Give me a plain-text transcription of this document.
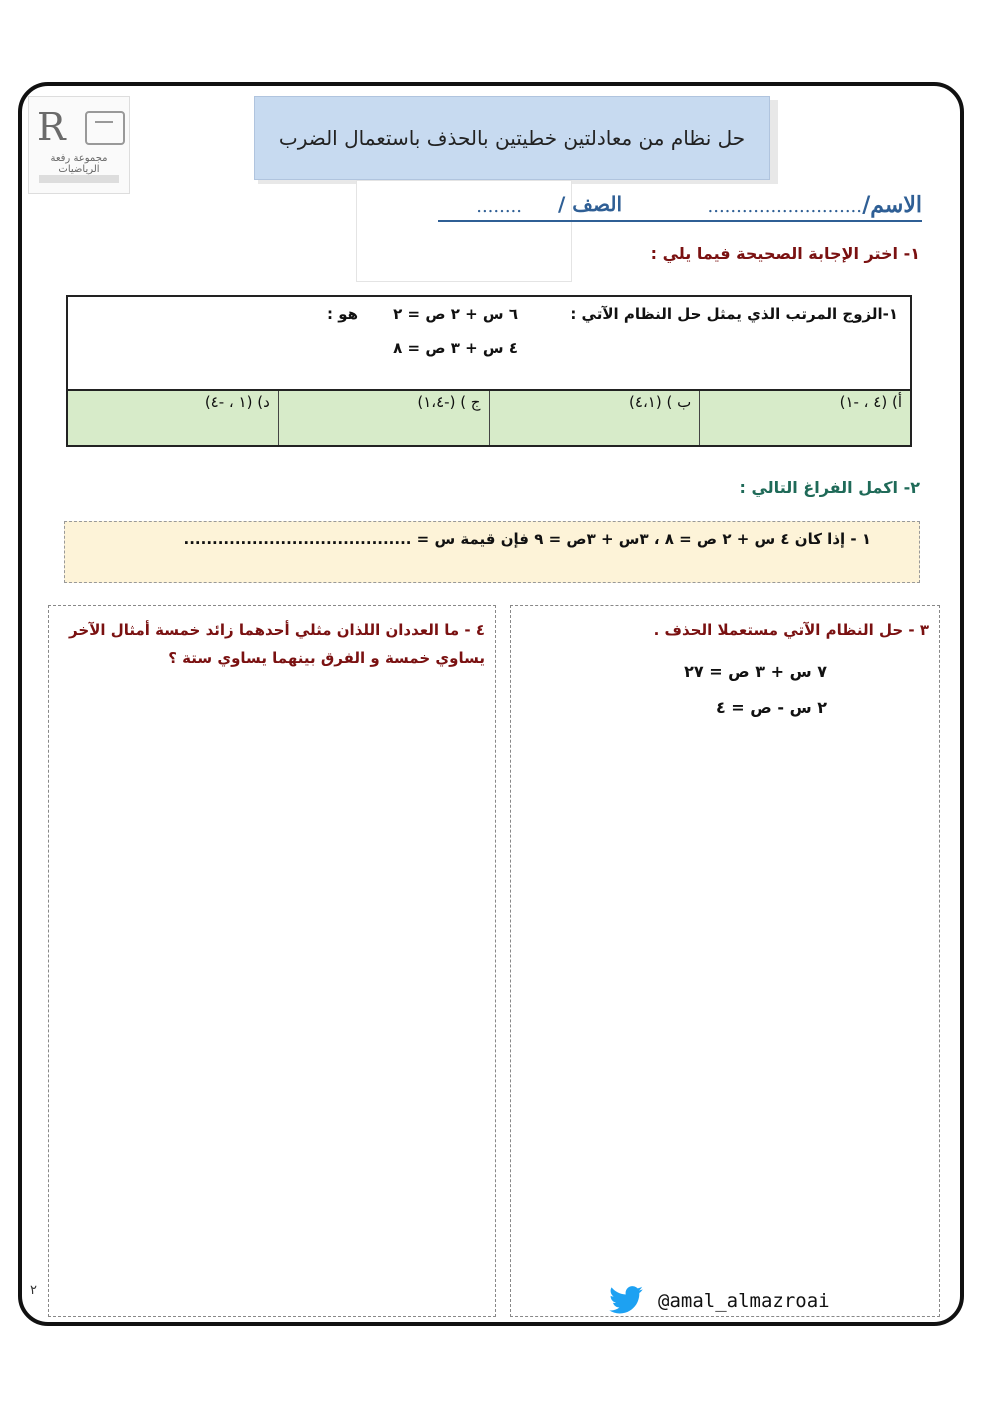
R
مجموعة رفعة الرياضيات
حل نظام من معادلتين خطيتين بالحذف باستعمال الضرب
الاسم/
...........................
الصف /
........
١- اختر الإجابة الصحيحة فيما يلي :
١-الزوج المرتب الذي يمثل حل النظام الآتي :
٦ س + ٢ ص = ٢
هو :
٤ س + ٣ ص = ٨
أ) (٤ ، -١)
ب ) (٤،١)
ج ) (-١،٤)
د) (١ ، -٤)
٢- اكمل الفراغ التالي :
١ - إذا كان ٤ س + ٢ ص = ٨ ، ٣س + ٣ص = ٩ فإن قيمة س = ........................................
٣ - حل النظام الآتي مستعملا الحذف .
٧ س + ٣ ص = ٢٧
٢ س - ص = ٤
٤ - ما العددان اللذان مثلي أحدهما زائد خمسة أمثال الآخر يساوي خمسة و الفرق بينهما يساوي ستة ؟
@amal_almazroai
٢
